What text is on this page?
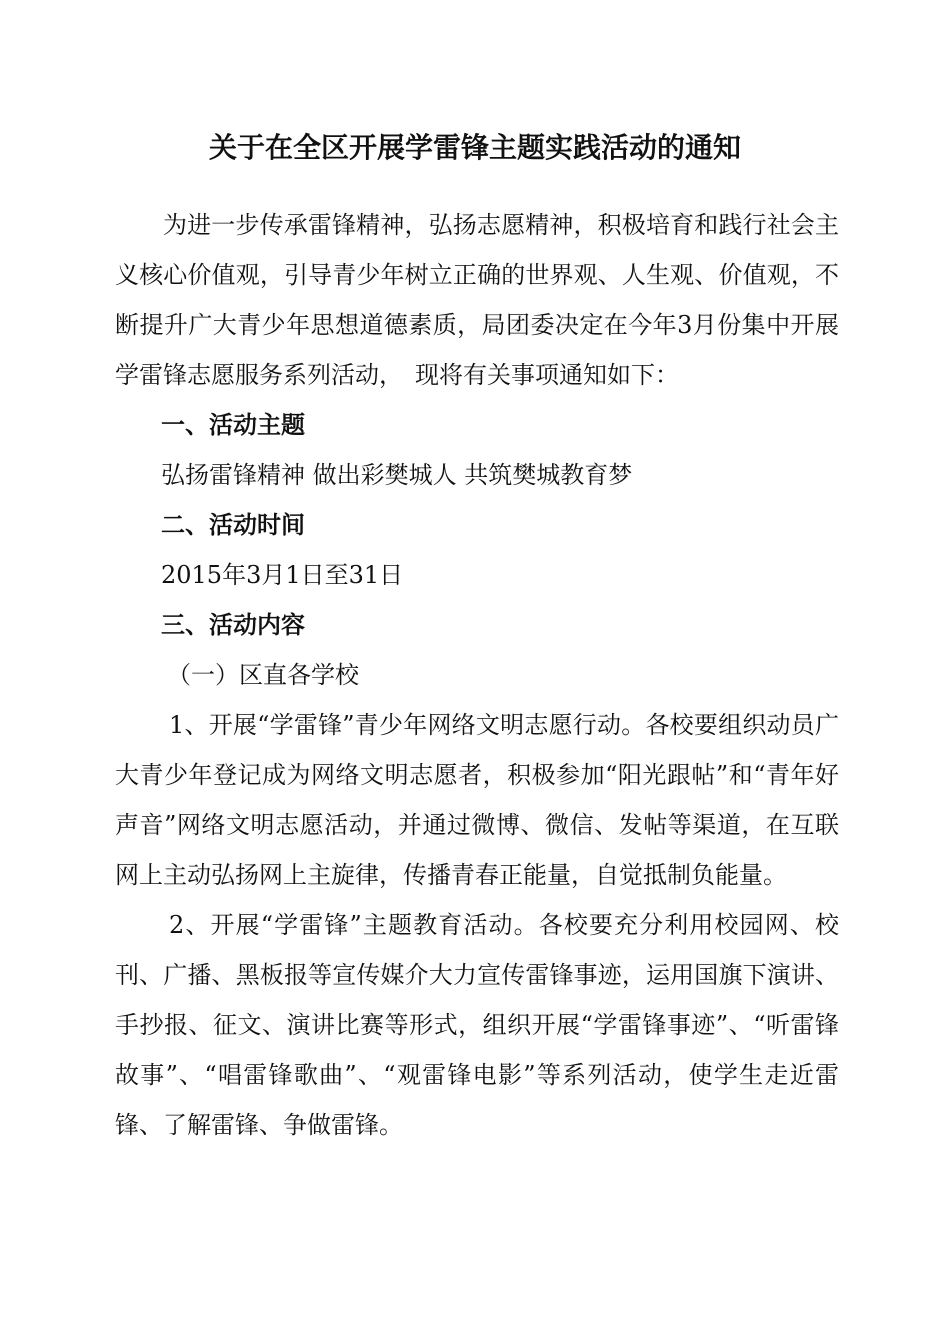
关于在全区开展学雷锋主题实践活动的通知

为进一步传承雷锋精神，弘扬志愿精神，积极培育和践行社会主义核心价值观，引导青少年树立正确的世界观、人生观、价值观，不断提升广大青少年思想道德素质，局团委决定在今年3月份集中开展学雷锋志愿服务系列活动，　现将有关事项通知如下：

一、活动主题

弘扬雷锋精神 做出彩樊城人 共筑樊城教育梦

二、活动时间

2015年3月1日至31日

三、活动内容

（一）区直各学校

1、开展“学雷锋”青少年网络文明志愿行动。各校要组织动员广大青少年登记成为网络文明志愿者，积极参加“阳光跟帖”和“青年好声音”网络文明志愿活动，并通过微博、微信、发帖等渠道，在互联网上主动弘扬网上主旋律，传播青春正能量，自觉抵制负能量。

2、开展“学雷锋”主题教育活动。各校要充分利用校园网、校刊、广播、黑板报等宣传媒介大力宣传雷锋事迹，运用国旗下演讲、手抄报、征文、演讲比赛等形式，组织开展“学雷锋事迹”、“听雷锋故事”、“唱雷锋歌曲”、“观雷锋电影”等系列活动，使学生走近雷锋、了解雷锋、争做雷锋。
